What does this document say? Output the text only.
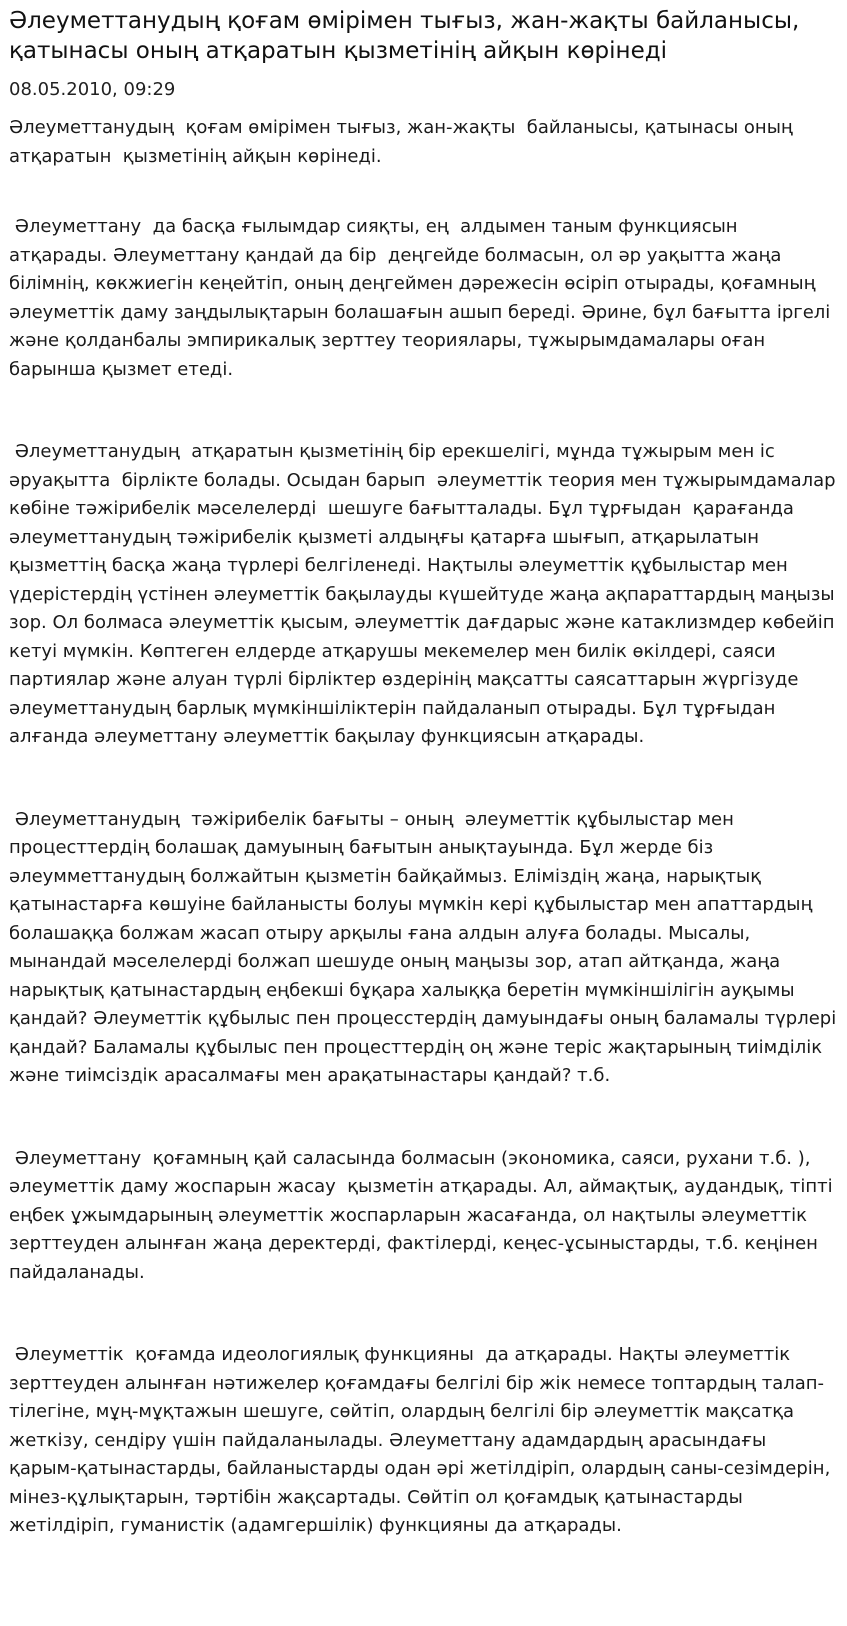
Әлеуметтанудың қоғам өмірімен тығыз, жан-жақты байланысы, қатынасы оның атқаратын қызметінің айқын көрінеді
08.05.2010, 09:29

Әлеуметтанудың  қоғам өмірімен тығыз, жан-жақты  байланысы, қатынасы оның атқаратын  қызметінің айқын көрінеді.

Әлеуметтану  да басқа ғылымдар сияқты, ең  алдымен таным функциясын атқарады. Әлеуметтану қандай да бір  деңгейде болмасын, ол әр уақытта жаңа білімнің, көкжиегін кеңейтіп, оның деңгеймен дәрежесін өсіріп отырады, қоғамның әлеуметтік даму заңдылықтарын болашағын ашып береді. Әрине, бұл бағытта іргелі және қолданбалы эмпирикалық зерттеу теориялары, тұжырымдамалары оған барынша қызмет етеді.

Әлеуметтанудың  атқаратын қызметінің бір ерекшелігі, мұнда тұжырым мен іс әруақытта  бірлікте болады. Осыдан барып  әлеуметтік теория мен тұжырымдамалар  көбіне тәжірибелік мәселелерді  шешуге бағытталады. Бұл тұрғыдан  қарағанда әлеуметтанудың тәжірибелік қызметі алдыңғы қатарға шығып, атқарылатын қызметтің басқа жаңа түрлері белгіленеді. Нақтылы әлеуметтік құбылыстар мен үдерістердің үстінен әлеуметтік бақылауды күшейтуде жаңа ақпараттардың маңызы зор. Ол болмаса әлеуметтік қысым, әлеуметтік дағдарыс және катаклизмдер көбейіп кетуі мүмкін. Көптеген елдерде атқарушы мекемелер мен билік өкілдері, саяси партиялар және алуан түрлі бірліктер өздерінің мақсатты саясаттарын жүргізуде әлеуметтанудың барлық мүмкіншіліктерін пайдаланып отырады. Бұл тұрғыдан алғанда әлеуметтану әлеуметтік бақылау функциясын атқарады.

Әлеуметтанудың  тәжірибелік бағыты – оның  әлеуметтік құбылыстар мен процесттердің болашақ дамуының бағытын анықтауында. Бұл жерде біз әлеумметтанудың болжайтын қызметін байқаймыз. Еліміздің жаңа, нарықтық қатынастарға көшуіне байланысты болуы мүмкін кері құбылыстар мен апаттардың болашаққа болжам жасап отыру арқылы ғана алдын алуға болады. Мысалы, мынандай мәселелерді болжап шешуде оның маңызы зор, атап айтқанда, жаңа нарықтық қатынастардың еңбекші бұқара халыққа беретін мүмкіншілігін ауқымы қандай? Әлеуметтік құбылыс пен процесстердің дамуындағы оның баламалы түрлері қандай? Баламалы құбылыс пен процесттердің оң және теріс жақтарының тиімділік және тиімсіздік арасалмағы мен арақатынастары қандай? т.б.

Әлеуметтану  қоғамның қай саласында болмасын (экономика, саяси, рухани т.б. ), әлеуметтік даму жоспарын жасау  қызметін атқарады. Ал, аймақтық, аудандық, тіпті еңбек ұжымдарының әлеуметтік жоспарларын жасағанда, ол нақтылы әлеуметтік зерттеуден алынған жаңа деректерді, фактілерді, кеңес-ұсыныстарды, т.б. кеңінен пайдаланады.

Әлеуметтік  қоғамда идеологиялық функцияны  да атқарады. Нақты әлеуметтік зерттеуден алынған нәтижелер қоғамдағы белгілі бір жік немесе топтардың талап-тілегіне, мұң-мұқтажын шешуге, сөйтіп, олардың белгілі бір әлеуметтік мақсатқа жеткізу, сендіру үшін пайдаланылады. Әлеуметтану адамдардың арасындағы қарым-қатынастарды, байланыстарды одан әрі жетілдіріп, олардың саны-сезімдерін, мінез-құлықтарын, тәртібін жақсартады. Сөйтіп ол қоғамдық қатынастарды жетілдіріп, гуманистік (адамгершілік) функцияны да атқарады.
